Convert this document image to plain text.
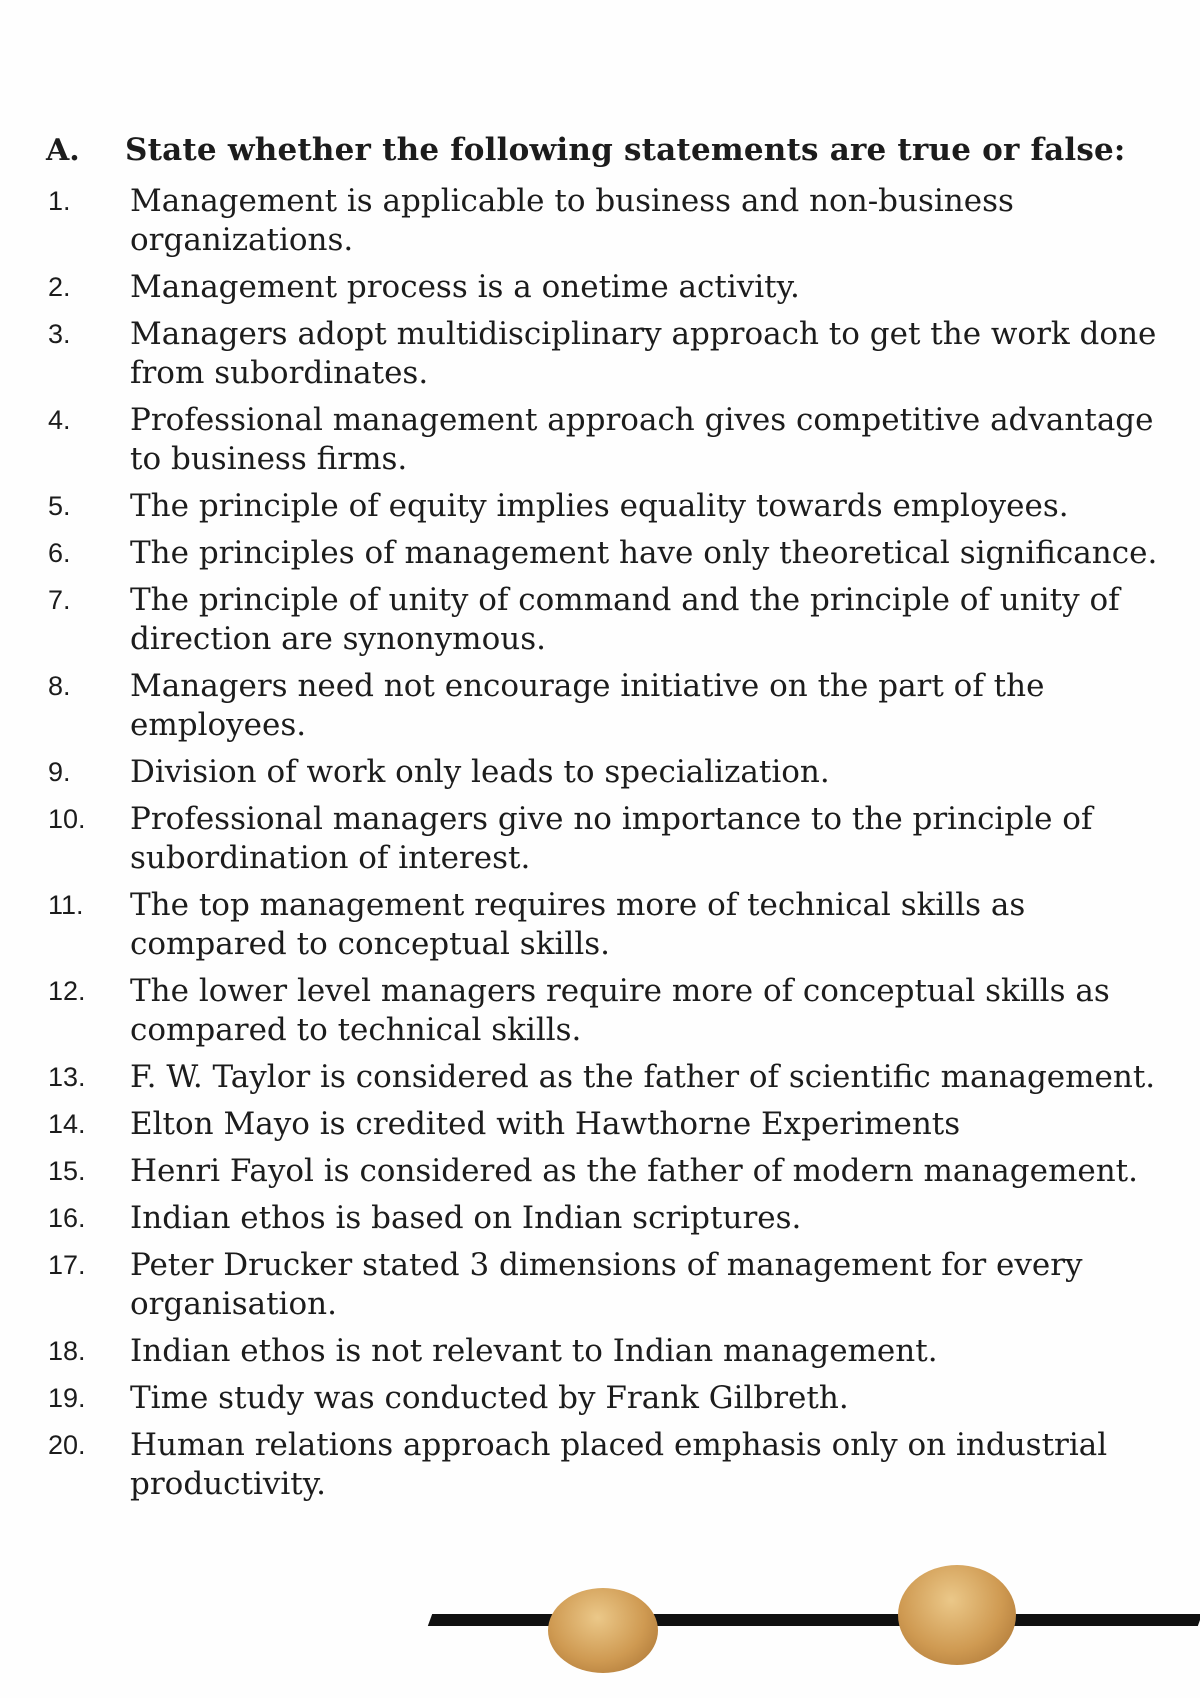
A.	State whether the following statements are true or false:
1.	Management is applicable to business and non-business organizations.
2.	Management process is a onetime activity.
3.	Managers adopt multidisciplinary approach to get the work done from subordinates.
4.	Professional management approach gives competitive advantage to business firms.
5.	The principle of equity implies equality towards employees.
6.	The principles of management have only theoretical significance.
7.	The principle of unity of command and the principle of unity of direction are synonymous.
8.	Managers need not encourage initiative on the part of the employees.
9.	Division of work only leads to specialization.
10.	Professional managers give no importance to the principle of subordination of interest.
11.	The top management requires more of technical skills as compared to conceptual skills.
12.	The lower level managers require more of conceptual skills as compared to technical skills.
13.	F. W. Taylor is considered as the father of scientific management.
14.	Elton Mayo is credited with Hawthorne Experiments
15.	Henri Fayol is considered as the father of modern management.
16.	Indian ethos is based on Indian scriptures.
17.	Peter Drucker stated 3 dimensions of management for every organisation.
18.	Indian ethos is not relevant to Indian management.
19.	Time study was conducted by Frank Gilbreth.
20.	Human relations approach placed emphasis only on industrial productivity.
